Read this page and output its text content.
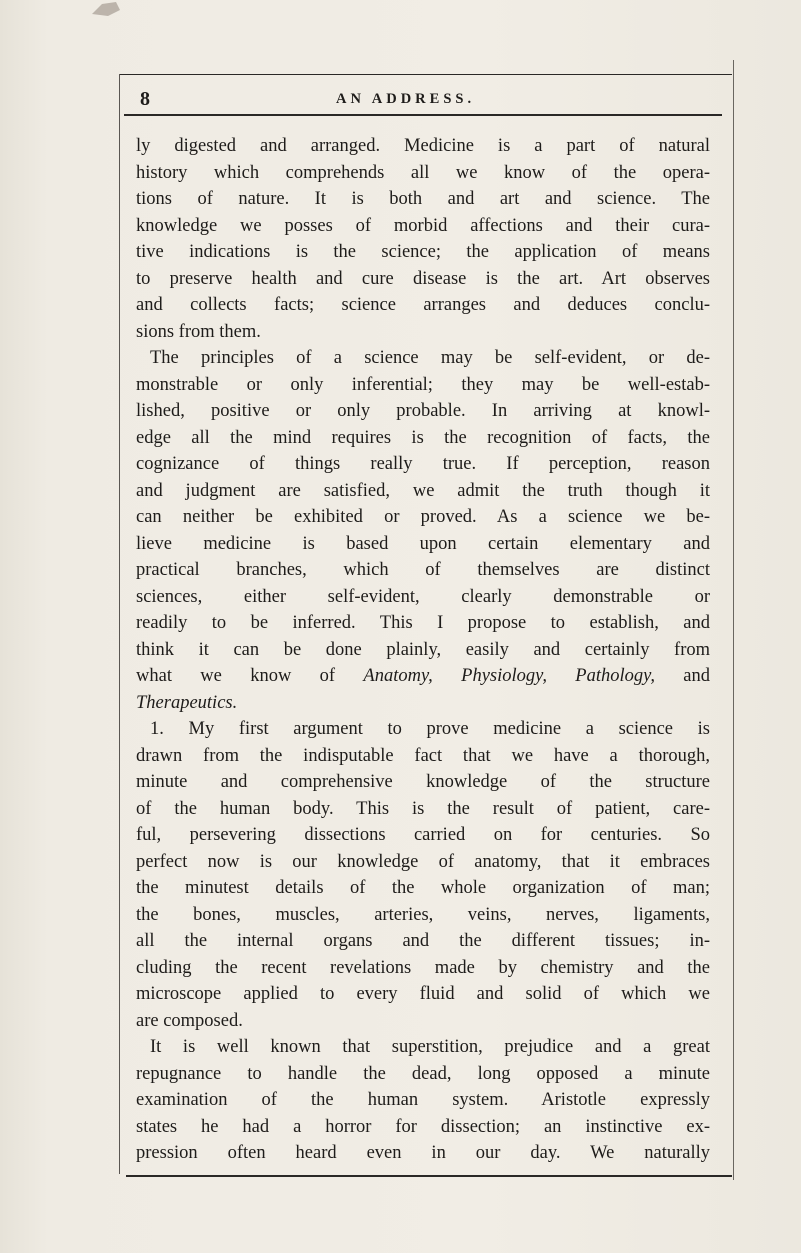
8	AN ADDRESS.
ly digested and arranged. Medicine is a part of natural
history which comprehends all we know of the opera-
tions of nature. It is both and art and science. The
knowledge we posses of morbid affections and their cura-
tive indications is the science; the application of means
to preserve health and cure disease is the art. Art observes
and collects facts; science arranges and deduces conclu-
sions from them.
The principles of a science may be self-evident, or de-
monstrable or only inferential; they may be well-estab-
lished, positive or only probable. In arriving at knowl-
edge all the mind requires is the recognition of facts, the
cognizance of things really true. If perception, reason
and judgment are satisfied, we admit the truth though it
can neither be exhibited or proved. As a science we be-
lieve medicine is based upon certain elementary and
practical branches, which of themselves are distinct
sciences, either self-evident, clearly demonstrable or
readily to be inferred. This I propose to establish, and
think it can be done plainly, easily and certainly from
what we know of Anatomy, Physiology, Pathology, and
Therapeutics.
1. My first argument to prove medicine a science is
drawn from the indisputable fact that we have a thorough,
minute and comprehensive knowledge of the structure
of the human body. This is the result of patient, care-
ful, persevering dissections carried on for centuries. So
perfect now is our knowledge of anatomy, that it embraces
the minutest details of the whole organization of man;
the bones, muscles, arteries, veins, nerves, ligaments,
all the internal organs and the different tissues; in-
cluding the recent revelations made by chemistry and the
microscope applied to every fluid and solid of which we
are composed.
It is well known that superstition, prejudice and a great
repugnance to handle the dead, long opposed a minute
examination of the human system. Aristotle expressly
states he had a horror for dissection; an instinctive ex-
pression often heard even in our day. We naturally
